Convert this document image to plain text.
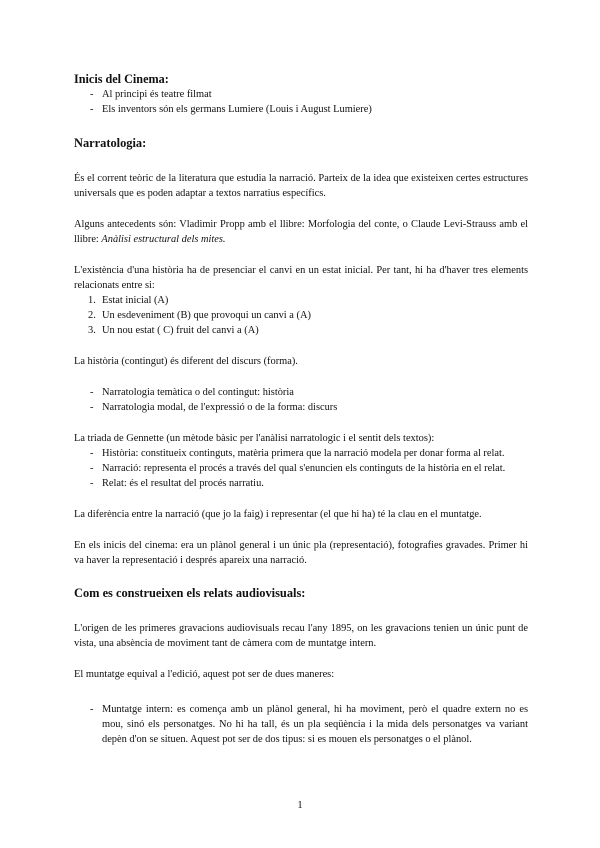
Inicis del Cinema:
- Al principi és teatre filmat
- Els inventors són els germans Lumiere (Louis i August Lumiere)
Narratologia:

És el corrent teòric de la literatura que estudia la narració. Parteix de la idea que existeixen certes estructures universals que es poden adaptar a textos narratius específics.

Alguns antecedents són: Vladimir Propp amb el llibre: Morfologia del conte, o Claude Levi-Strauss amb el llibre: Anàlisi estructural dels mites.

L'existència d'una història ha de presenciar el canvi en un estat inicial. Per tant, hi ha d'haver tres elements relacionats entre si:

1. Estat inicial (A)
2. Un esdeveniment (B) que provoqui un canvi a (A)
3. Un nou estat ( C) fruit del canvi a (A)

La història (contingut) és diferent del discurs (forma).

- Narratologia temàtica o del contingut: història
- Narratologia modal, de l'expressió o de la forma: discurs

La triada de Gennette (un mètode bàsic per l'anàlisi narratologic i el sentit dels textos):

- Història: constitueix continguts, matèria primera que la narració modela per donar forma al relat.
- Narració: representa el procés a través del qual s'enuncien els continguts de la història en el relat.
- Relat: és el resultat del procés narratiu.

La diferència entre la narració (que jo la faig) i representar (el que hi ha) té la clau en el muntatge.

En els inicis del cinema: era un plànol general i un únic pla (representació), fotografies gravades. Primer hi va haver la representació i després apareix una narració.

Com es construeixen els relats audiovisuals:

L'origen de les primeres gravacions audiovisuals recau l'any 1895, on les gravacions tenien un únic punt de vista, una absència de moviment tant de càmera com de muntatge intern.

El muntatge equival a l'edició, aquest pot ser de dues maneres:

- Muntatge intern: es comença amb un plànol general, hi ha moviment, però el quadre extern no es mou, sinó els personatges. No hi ha tall, és un pla seqüència i la mida dels personatges va variant depèn d'on se situen. Aquest pot ser de dos tipus: si es mouen els personatges o el plànol.
1
